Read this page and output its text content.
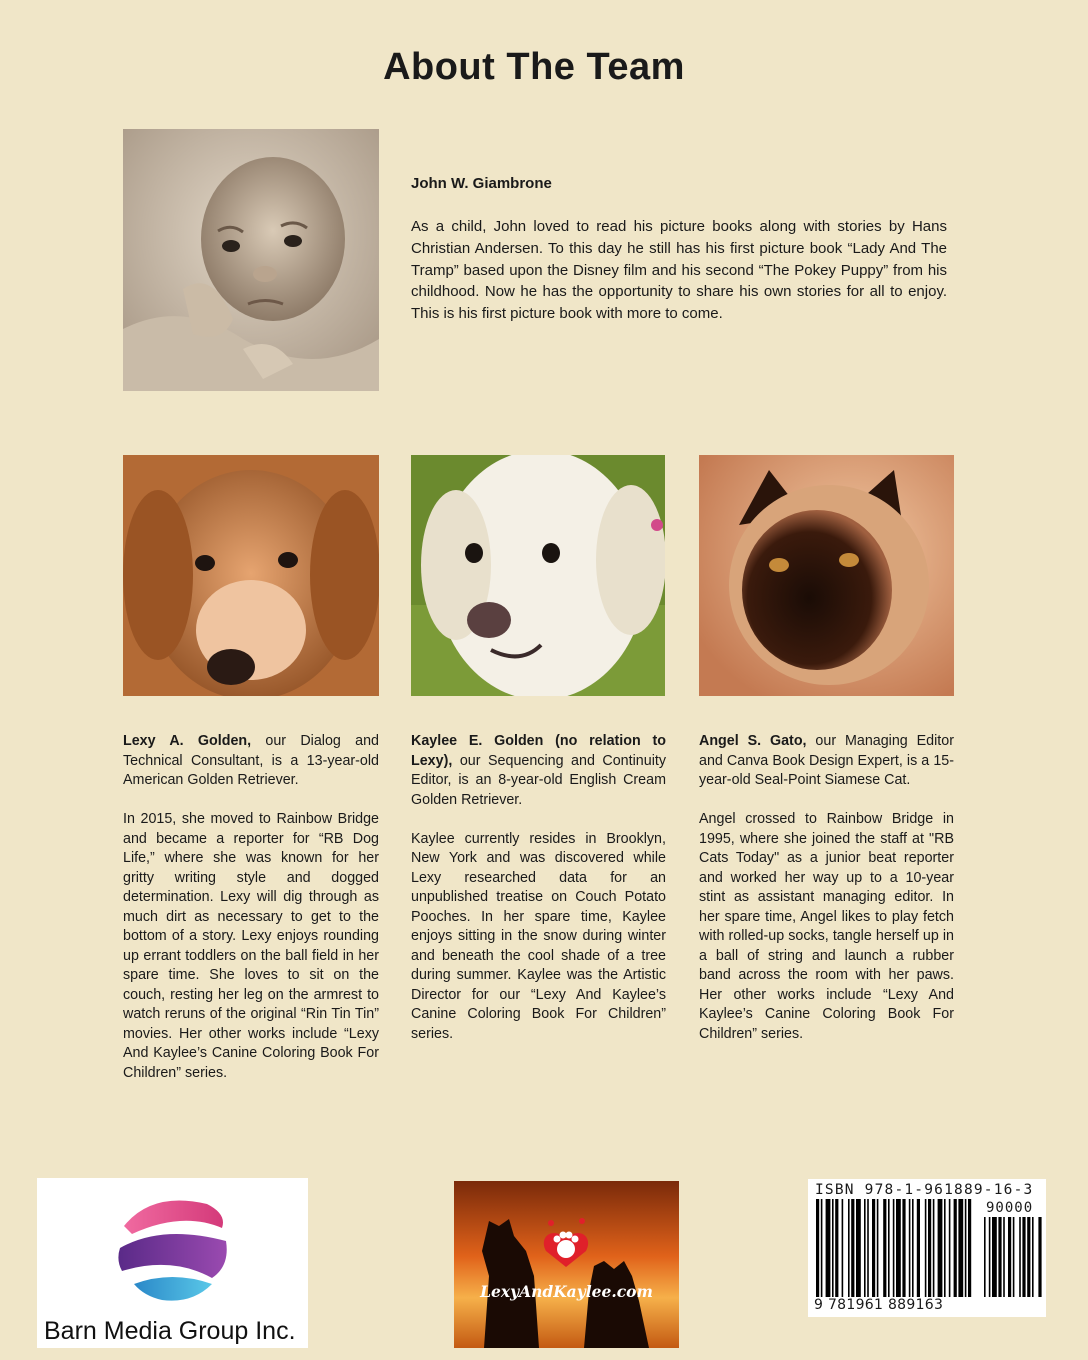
About The Team
John W. Giambrone
As a child, John loved to read his picture books along with stories by Hans Christian Andersen. To this day he still has his first picture book “Lady And The Tramp” based upon the Disney film and his second “The Pokey Puppy” from his childhood. Now he has the opportunity to share his own stories for all to enjoy. This is his first picture book with more to come.

Lexy A. Golden, our Dialog and Technical Consultant, is a 13-year-old American Golden Retriever.

In 2015, she moved to Rainbow Bridge and became a reporter for “RB Dog Life,” where she was known for her gritty writing style and dogged determination. Lexy will dig through as much dirt as necessary to get to the bottom of a story. Lexy enjoys rounding up errant toddlers on the ball field in her spare time. She loves to sit on the couch, resting her leg on the armrest to watch reruns of the original “Rin Tin Tin” movies. Her other works include “Lexy And Kaylee’s Canine Coloring Book For Children” series.

Kaylee E. Golden (no relation to Lexy), our Sequencing and Continuity Editor, is an 8-year-old English Cream Golden Retriever.

Kaylee currently resides in Brooklyn, New York and was discovered while Lexy researched data for an unpublished treatise on Couch Potato Pooches. In her spare time, Kaylee enjoys sitting in the snow during winter and beneath the cool shade of a tree during summer. Kaylee was the Artistic Director for our “Lexy And Kaylee’s Canine Coloring Book For Children” series.

Angel S. Gato, our Managing Editor and Canva Book Design Expert, is a 15-year-old Seal-Point Siamese Cat.

Angel crossed to Rainbow Bridge in 1995, where she joined the staff at "RB Cats Today" as a junior beat reporter and worked her way up to a 10-year stint as assistant managing editor. In her spare time, Angel likes to play fetch with rolled-up socks, tangle herself up in a ball of string and launch a rubber band across the room with her paws. Her other works include “Lexy And Kaylee’s Canine Coloring Book For Children” series.

Barn Media Group Inc.
LexyAndKaylee.com
ISBN 978-1-961889-16-3
90000
9 781961 889163
